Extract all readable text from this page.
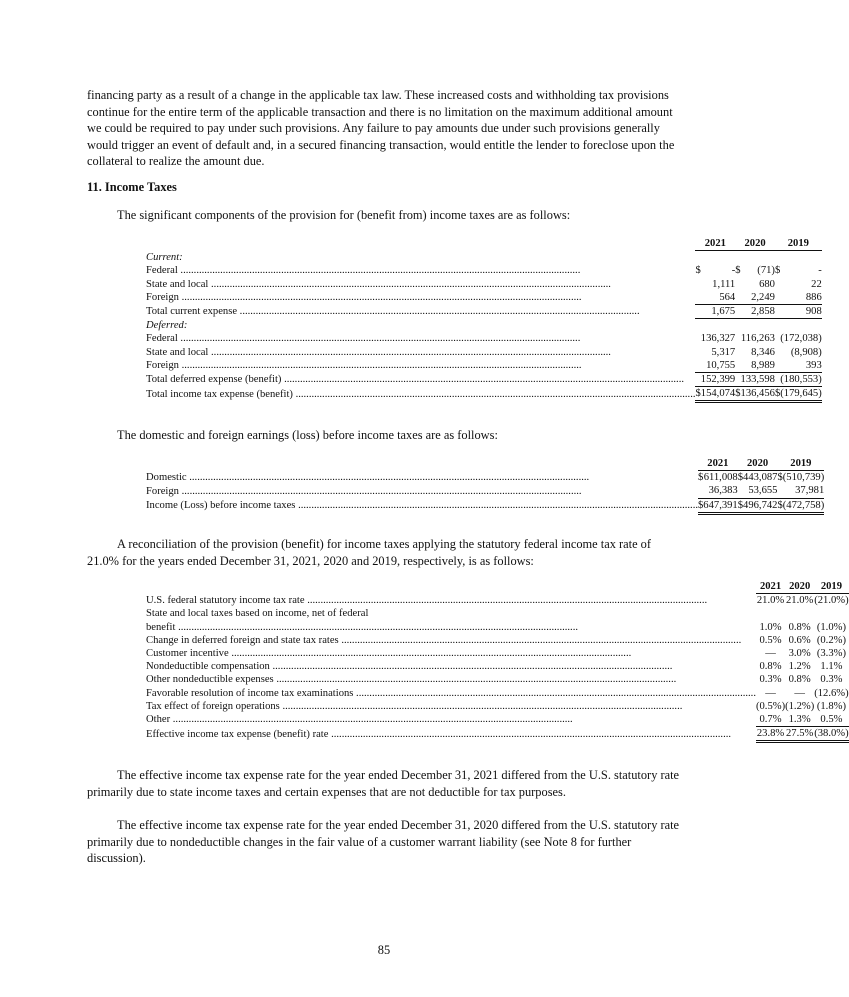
financing party as a result of a change in the applicable tax law. These increased costs and withholding tax provisions continue for the entire term of the applicable transaction and there is no limitation on the maximum additional amount we could be required to pay under such provisions. Any failure to pay amounts due under such provisions generally would trigger an event of default and, in a secured financing transaction, would entitle the lender to foreclose upon the collateral to realize the amount due.

11. Income Taxes

The significant components of the provision for (benefit from) income taxes are as follows:

	2021		2020		2019	
Current:						
Federal .....	$	-		$	(71)		$	-
State and local .....		1,111			680			22
Foreign .....		564			2,249			886
Total current expense .....		1,675			2,858			908
Deferred:						
Federal .....		136,327			116,263			(172,038)
State and local .....		5,317			8,346			(8,908)
Foreign .....		10,755			8,989			393
Total deferred expense (benefit) .....		152,399			133,598			(180,553)
Total income tax expense (benefit) .....	$	154,074		$	136,456		$	(179,645)

The domestic and foreign earnings (loss) before income taxes are as follows:

	2021		2020		2019	
Domestic .....	$	611,008		$	443,087		$	(510,739)
Foreign .....		36,383			53,655			37,981
Income (Loss) before income taxes .....	$	647,391		$	496,742		$	(472,758)

A reconciliation of the provision (benefit) for income taxes applying the statutory federal income tax rate of 21.0% for the years ended December 31, 2021, 2020 and 2019, respectively, is as follows:

	2021		2020		2019
U.S. federal statutory income tax rate .....	21.0%		21.0%		(21.0%)
State and local taxes based on income, net of federal					
benefit .....	1.0%		0.8%		(1.0%)
Change in deferred foreign and state tax rates .....	0.5%		0.6%		(0.2%)
Customer incentive .....	—		3.0%		(3.3%)
Nondeductible compensation .....	0.8%		1.2%		1.1%
Other nondeductible expenses .....	0.3%		0.8%		0.3%
Favorable resolution of income tax examinations .....	—		—		(12.6%)
Tax effect of foreign operations .....	(0.5%)		(1.2%)		(1.8%)
Other .....	0.7%		1.3%		0.5%
Effective income tax expense (benefit) rate .....	23.8%		27.5%		(38.0%)

The effective income tax expense rate for the year ended December 31, 2021 differed from the U.S. statutory rate primarily due to state income taxes and certain expenses that are not deductible for tax purposes.

The effective income tax expense rate for the year ended December 31, 2020 differed from the U.S. statutory rate primarily due to nondeductible changes in the fair value of a customer warrant liability (see Note 8 for further discussion).

85
